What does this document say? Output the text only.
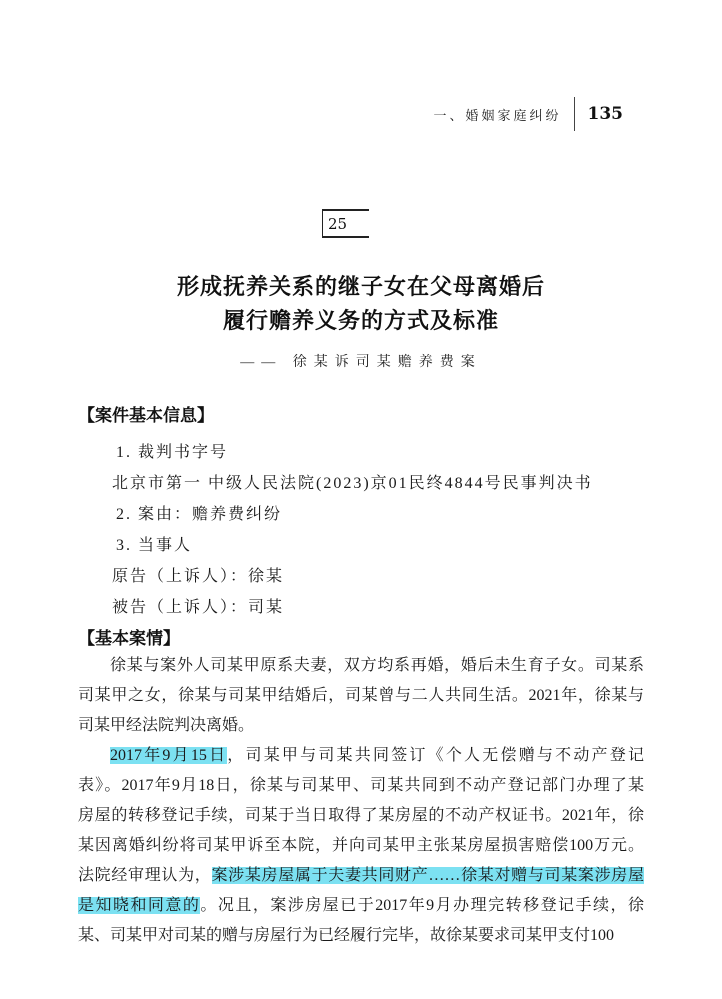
一、婚姻家庭纠纷	135
25
形成抚养关系的继子女在父母离婚后
履行赡养义务的方式及标准
—— 徐某诉司某赡养费案
【案件基本信息】
1. 裁判书字号
北京市第一 中级人民法院(2023)京01民终4844号民事判决书
2. 案由：赡养费纠纷
3. 当事人
原告（上诉人）：徐某
被告（上诉人）：司某
【基本案情】
徐某与案外人司某甲原系夫妻，双方均系再婚，婚后未生育子女。司某系
司某甲之女，徐某与司某甲结婚后，司某曾与二人共同生活。2021年，徐某与
司某甲经法院判决离婚。
2017年9月15日，司某甲与司某共同签订《个人无偿赠与不动产登记
表》。2017年9月18日，徐某与司某甲、司某共同到不动产登记部门办理了某
房屋的转移登记手续，司某于当日取得了某房屋的不动产权证书。2021年，徐
某因离婚纠纷将司某甲诉至本院，并向司某甲主张某房屋损害赔偿100万元。
法院经审理认为，案涉某房屋属于夫妻共同财产……徐某对赠与司某案涉房屋
是知晓和同意的。况且，案涉房屋已于2017年9月办理完转移登记手续，徐
某、司某甲对司某的赠与房屋行为已经履行完毕，故徐某要求司某甲支付100
